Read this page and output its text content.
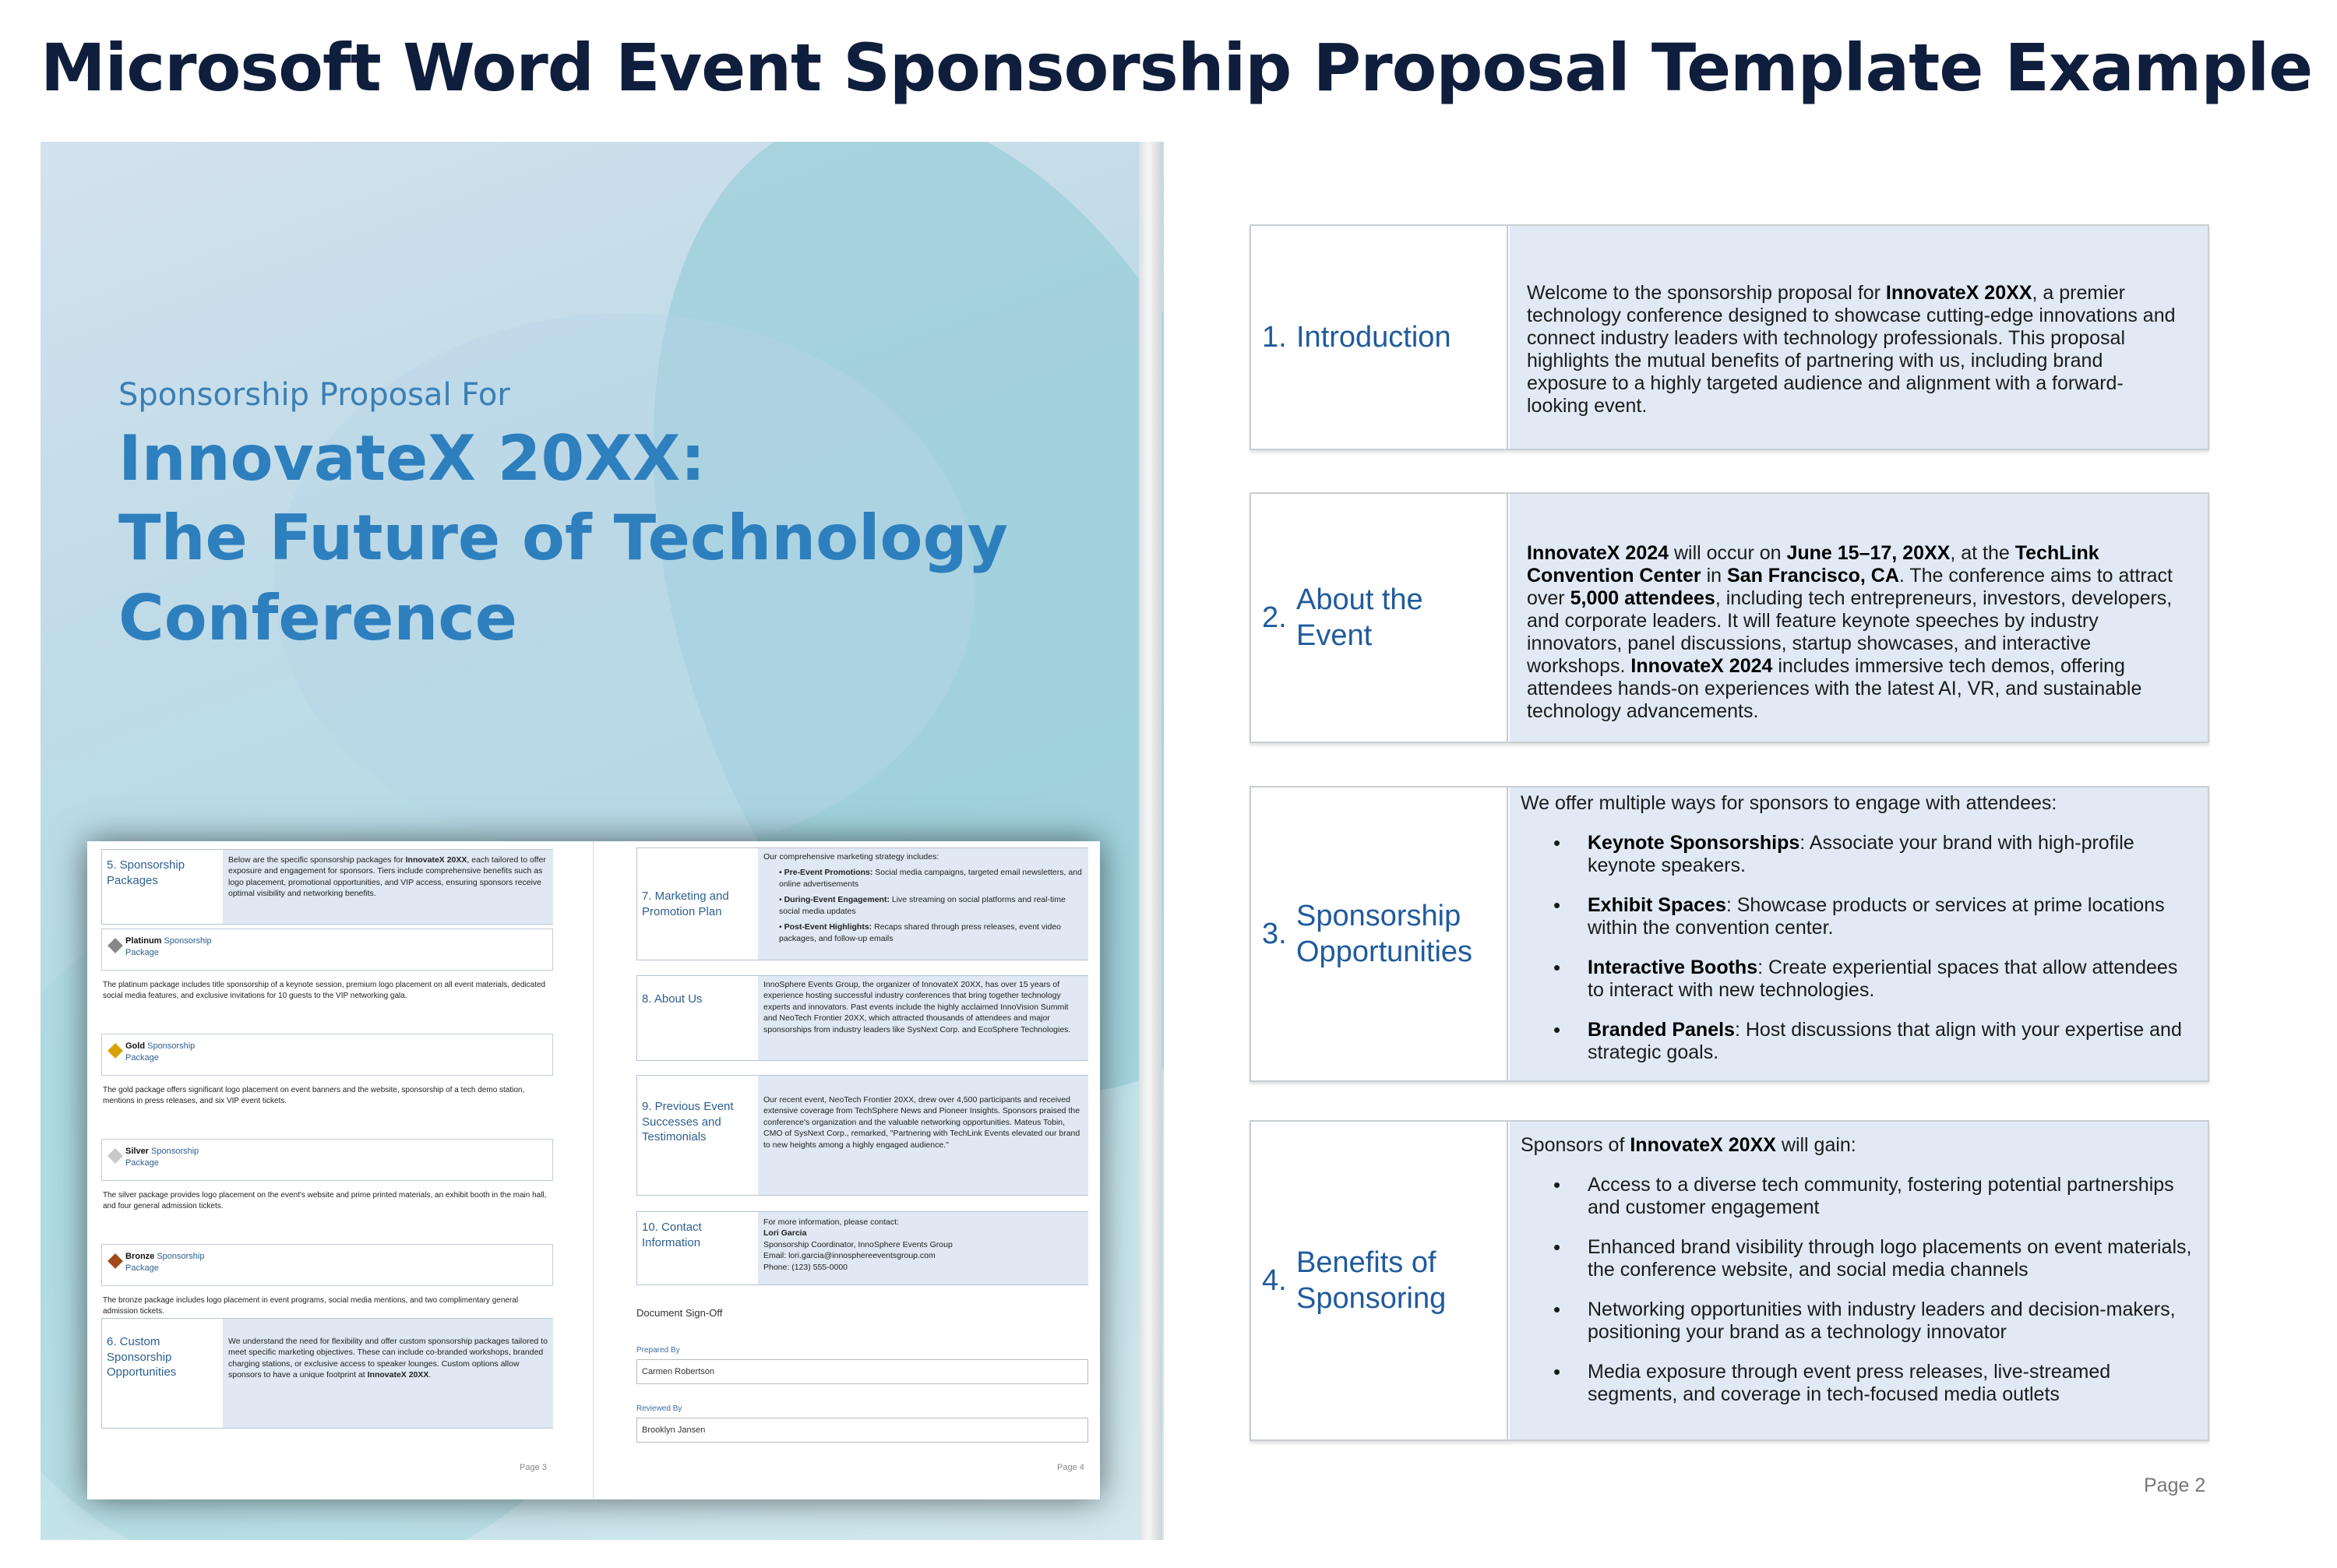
Microsoft Word Event Sponsorship Proposal Template Example
Sponsorship Proposal For
InnovateX 20XX:
The Future of Technology
Conference
5. Sponsorship Packages
Below are the specific sponsorship packages for InnovateX 20XX, each tailored to offer exposure and engagement for sponsors. Tiers include comprehensive benefits such as logo placement, promotional opportunities, and VIP access, ensuring sponsors receive optimal visibility and networking benefits.
Platinum Sponsorship
Package
The platinum package includes title sponsorship of a keynote session, premium logo placement on all event materials, dedicated social media features, and exclusive invitations for 10 guests to the VIP networking gala.
Gold Sponsorship
Package
The gold package offers significant logo placement on event banners and the website, sponsorship of a tech demo station, mentions in press releases, and six VIP event tickets.
Silver Sponsorship
Package
The silver package provides logo placement on the event's website and prime printed materials, an exhibit booth in the main hall, and four general admission tickets.
Bronze Sponsorship
Package
The bronze package includes logo placement in event programs, social media mentions, and two complimentary general admission tickets.
6. Custom Sponsorship Opportunities
We understand the need for flexibility and offer custom sponsorship packages tailored to meet specific marketing objectives. These can include co-branded workshops, branded charging stations, or exclusive access to speaker lounges. Custom options allow sponsors to have a unique footprint at InnovateX 20XX.
Page 3
7. Marketing and Promotion Plan
Our comprehensive marketing strategy includes:
• Pre-Event Promotions: Social media campaigns, targeted email newsletters, and online advertisements
• During-Event Engagement: Live streaming on social platforms and real-time social media updates
• Post-Event Highlights: Recaps shared through press releases, event video packages, and follow-up emails
8. About Us
InnoSphere Events Group, the organizer of InnovateX 20XX, has over 15 years of experience hosting successful industry conferences that bring together technology experts and innovators. Past events include the highly acclaimed InnoVision Summit and NeoTech Frontier 20XX, which attracted thousands of attendees and major sponsorships from industry leaders like SysNext Corp. and EcoSphere Technologies.
9. Previous Event Successes and Testimonials
Our recent event, NeoTech Frontier 20XX, drew over 4,500 participants and received extensive coverage from TechSphere News and Pioneer Insights. Sponsors praised the conference's organization and the valuable networking opportunities. Mateus Tobin, CMO of SysNext Corp., remarked, "Partnering with TechLink Events elevated our brand to new heights among a highly engaged audience."
10. Contact Information
For more information, please contact:
Lori Garcia
Sponsorship Coordinator, InnoSphere Events Group
Email: lori.garcia@innosphereeventsgroup.com
Phone: (123) 555-0000
Document Sign-Off
Prepared By
Carmen Robertson
Reviewed By
Brooklyn Jansen
Page 4
1. Introduction
Welcome to the sponsorship proposal for InnovateX 20XX, a premier technology conference designed to showcase cutting-edge innovations and connect industry leaders with technology professionals. This proposal highlights the mutual benefits of partnering with us, including brand exposure to a highly targeted audience and alignment with a forward-looking event.
2.
About the
Event
InnovateX 2024 will occur on June 15–17, 20XX, at the TechLink Convention Center in San Francisco, CA. The conference aims to attract over 5,000 attendees, including tech entrepreneurs, investors, developers, and corporate leaders. It will feature keynote speeches by industry innovators, panel discussions, startup showcases, and interactive workshops. InnovateX 2024 includes immersive tech demos, offering attendees hands-on experiences with the latest AI, VR, and sustainable technology advancements.
3.
Sponsorship
Opportunities
We offer multiple ways for sponsors to engage with attendees:
• Keynote Sponsorships: Associate your brand with high-profile keynote speakers.
• Exhibit Spaces: Showcase products or services at prime locations within the convention center.
• Interactive Booths: Create experiential spaces that allow attendees to interact with new technologies.
• Branded Panels: Host discussions that align with your expertise and strategic goals.
4.
Benefits of
Sponsoring
Sponsors of InnovateX 20XX will gain:
• Access to a diverse tech community, fostering potential partnerships and customer engagement
• Enhanced brand visibility through logo placements on event materials, the conference website, and social media channels
• Networking opportunities with industry leaders and decision-makers, positioning your brand as a technology innovator
• Media exposure through event press releases, live-streamed segments, and coverage in tech-focused media outlets
Page 2
